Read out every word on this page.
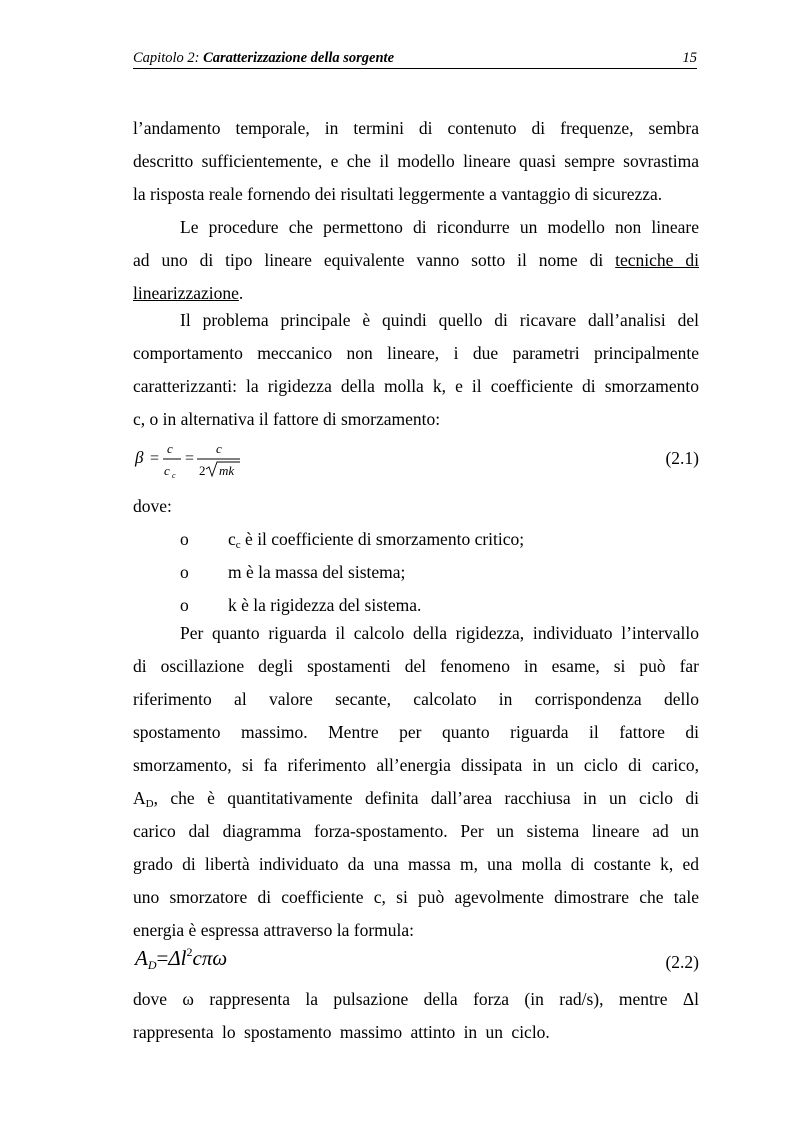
Capitolo 2: Caratterizzazione della sorgente	15
l’andamento temporale, in termini di contenuto di frequenze, sembra
descritto sufficientemente, e che il modello lineare quasi sempre sovrastima
la risposta reale fornendo dei risultati leggermente a vantaggio di sicurezza.
Le procedure che permettono di ricondurre un modello non lineare
ad uno di tipo lineare equivalente vanno sotto il nome di tecniche di
linearizzazione.
Il problema principale è quindi quello di ricavare dall’analisi del
comportamento meccanico non lineare, i due parametri principalmente
caratterizzanti: la rigidezza della molla k, e il coefficiente di smorzamento
c, o in alternativa il fattore di smorzamento:
β =
c
c c
=
c
2 mk
(2.1)
dove:
o $c_c$ è il coefficiente di smorzamento critico;
o m è la massa del sistema;
o k è la rigidezza del sistema.
Per quanto riguarda il calcolo della rigidezza, individuato l’intervallo
di oscillazione degli spostamenti del fenomeno in esame, si può far
riferimento al valore secante, calcolato in corrispondenza dello
spostamento massimo. Mentre per quanto riguarda il fattore di
smorzamento, si fa riferimento all’energia dissipata in un ciclo di carico,
$A_D$, che è quantitativamente definita dall’area racchiusa in un ciclo di
carico dal diagramma forza-spostamento. Per un sistema lineare ad un
grado di libertà individuato da una massa m, una molla di costante k, ed
uno smorzatore di coefficiente c, si può agevolmente dimostrare che tale
energia è espressa attraverso la formula:
$A_D=\Delta l^2c\pi\omega$	(2.2)
dove ω rappresenta la pulsazione della forza (in rad/s), mentre Δl
rappresenta lo spostamento massimo attinto in un ciclo.
